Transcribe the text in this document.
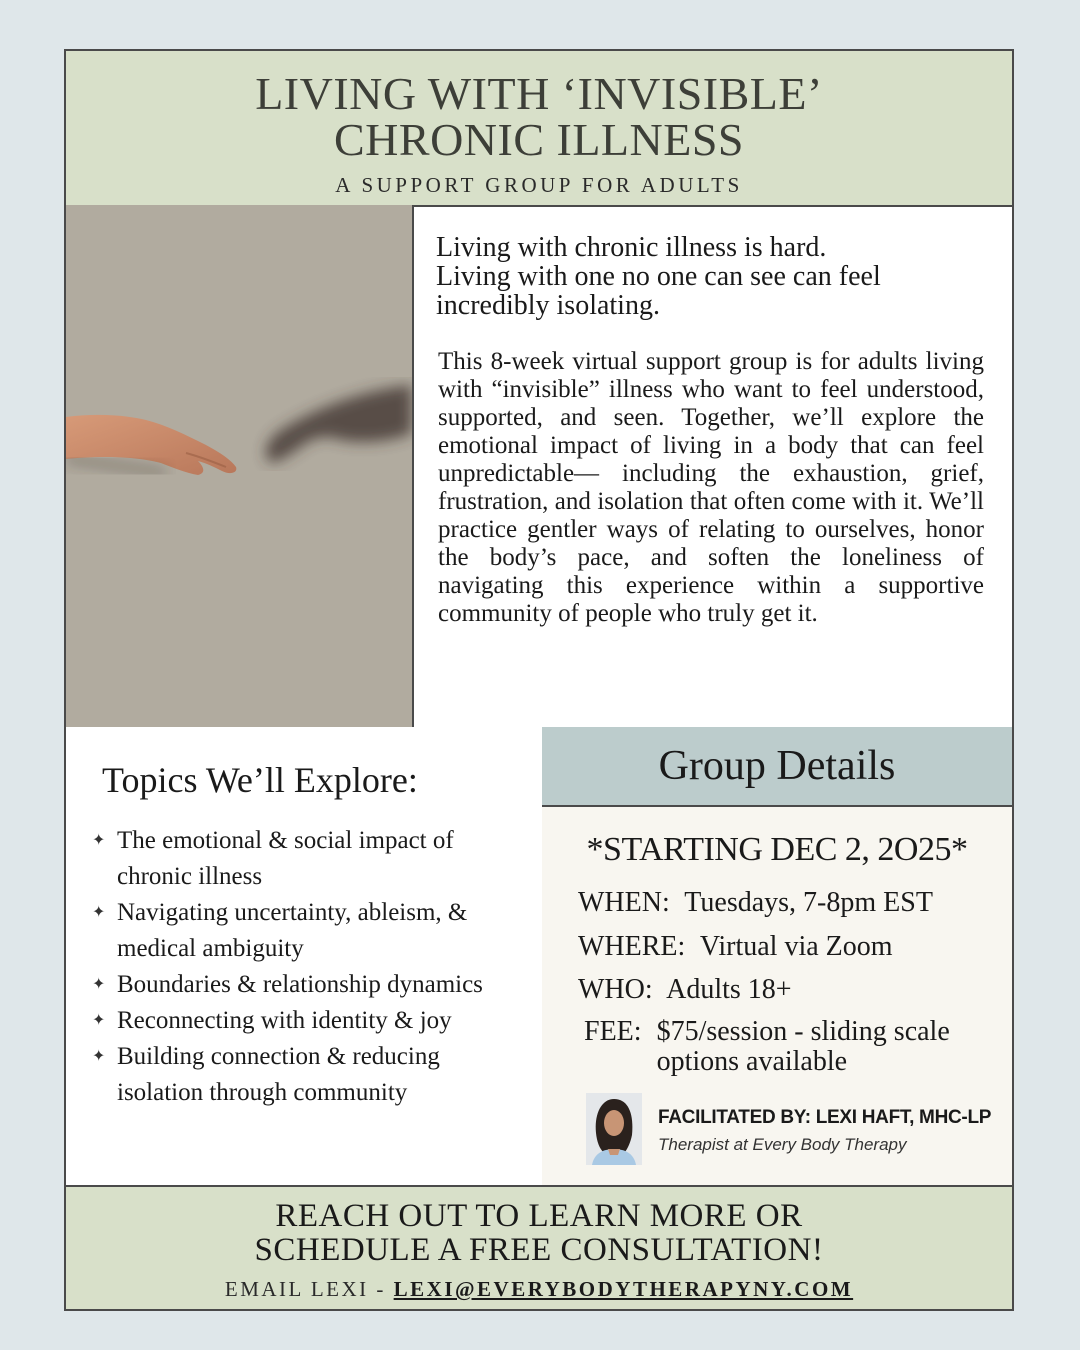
LIVING WITH ‘INVISIBLE’
CHRONIC ILLNESS
A SUPPORT GROUP FOR ADULTS

Living with chronic illness is hard.

Living with one no one can see can feel incredibly isolating.

This 8-week virtual support group is for adults living with “invisible” illness who want to feel understood, supported, and seen. Together, we’ll explore the emotional impact of living in a body that can feel unpredictable— including the exhaustion, grief, frustration, and isolation that often come with it. We’ll practice gentler ways of relating to ourselves, honor the body’s pace, and soften the loneliness of navigating this experience within a supportive community of people who truly get it.

Topics We’ll Explore:
✦ The emotional & social impact of chronic illness
✦ Navigating uncertainty, ableism, & medical ambiguity
✦ Boundaries & relationship dynamics
✦ Reconnecting with identity & joy
✦ Building connection & reducing isolation through community
Group Details
*STARTING DEC 2, 2O25*
WHEN: Tuesdays, 7-8pm EST
WHERE: Virtual via Zoom
WHO: Adults 18+
FEE: $75/session - sliding scale options available
FACILITATED BY: LEXI HAFT, MHC-LP
Therapist at Every Body Therapy
REACH OUT TO LEARN MORE OR
SCHEDULE A FREE CONSULTATION!
EMAIL LEXI - LEXI@EVERYBODYTHERAPYNY.COM
